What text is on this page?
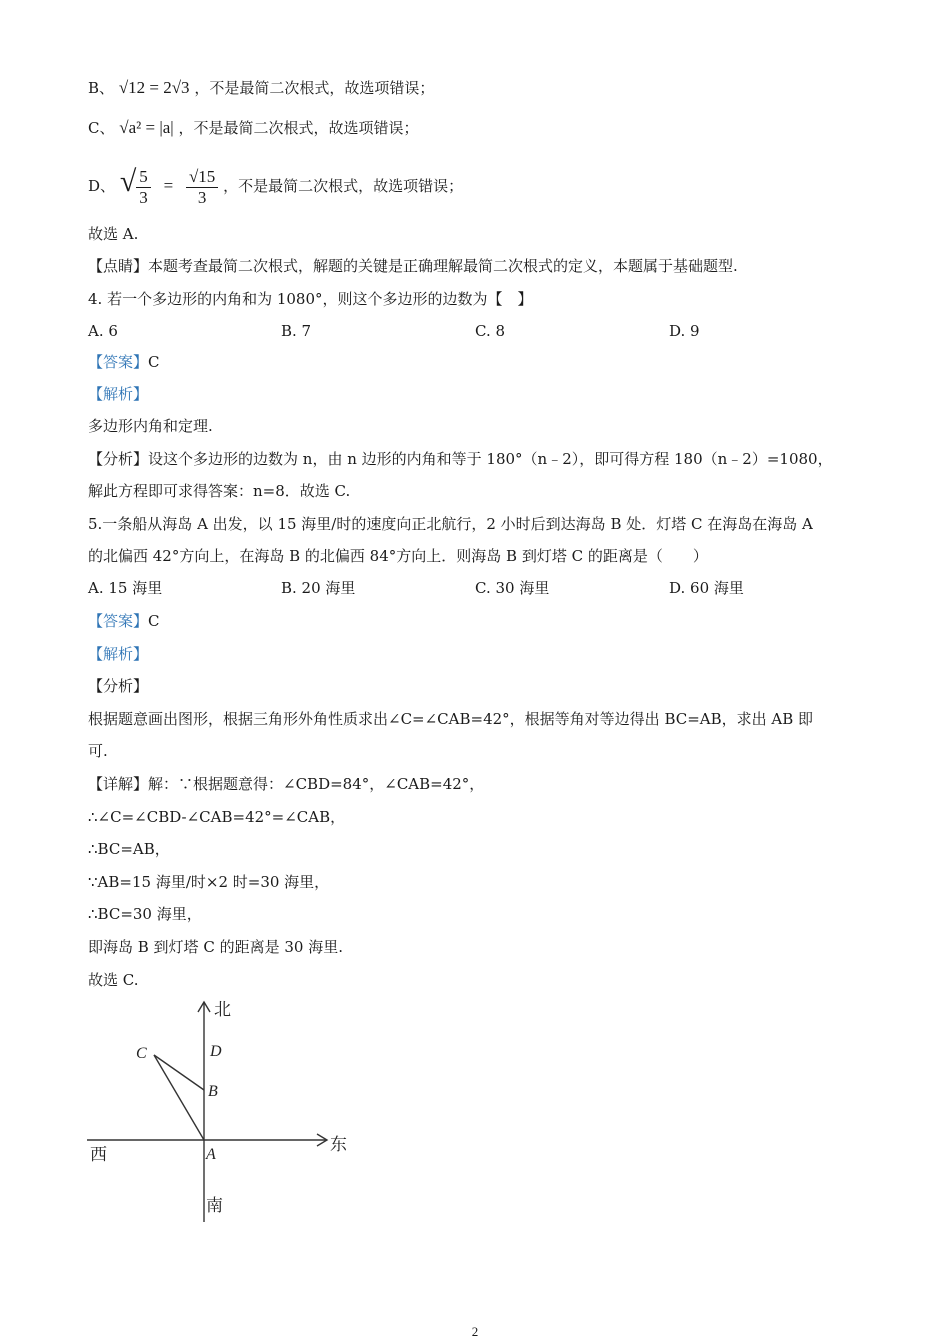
B、 √12 = 2√3 ，不是最简二次根式，故选项错误；
C、 √a² = |a| ，不是最简二次根式，故选项错误；
D、 √ $\frac{5}{3} = \frac{√15}{3}$ ，不是最简二次根式，故选项错误；
故选 A.
【点睛】本题考查最简二次根式，解题的关键是正确理解最简二次根式的定义，本题属于基础题型.
4. 若一个多边形的内角和为 1080°，则这个多边形的边数为【　】
A. 6	B. 7	C. 8	D. 9
【答案】C
【解析】
多边形内角和定理.
【分析】设这个多边形的边数为 n，由 n 边形的内角和等于 180°（n﹣2），即可得方程 180（n﹣2）=1080，
解此方程即可求得答案：n=8．故选 C.
5.一条船从海岛 A 出发，以 15 海里/时的速度向正北航行，2 小时后到达海岛 B 处．灯塔 C 在海岛在海岛 A
的北偏西 42°方向上，在海岛 B 的北偏西 84°方向上．则海岛 B 到灯塔 C 的距离是（　　）
A. 15 海里	B. 20 海里	C. 30 海里	D. 60 海里
【答案】C
【解析】
【分析】
根据题意画出图形，根据三角形外角性质求出∠C=∠CAB=42°，根据等角对等边得出 BC=AB，求出 AB 即
可.
【详解】解：∵根据题意得：∠CBD=84°，∠CAB=42°，
∴∠C=∠CBD-∠CAB=42°=∠CAB，
∴BC=AB，
∵AB=15 海里/时×2 时=30 海里，
∴BC=30 海里，
即海岛 B 到灯塔 C 的距离是 30 海里.
故选 C.
北
东
西
南
C	D
B
A
2
